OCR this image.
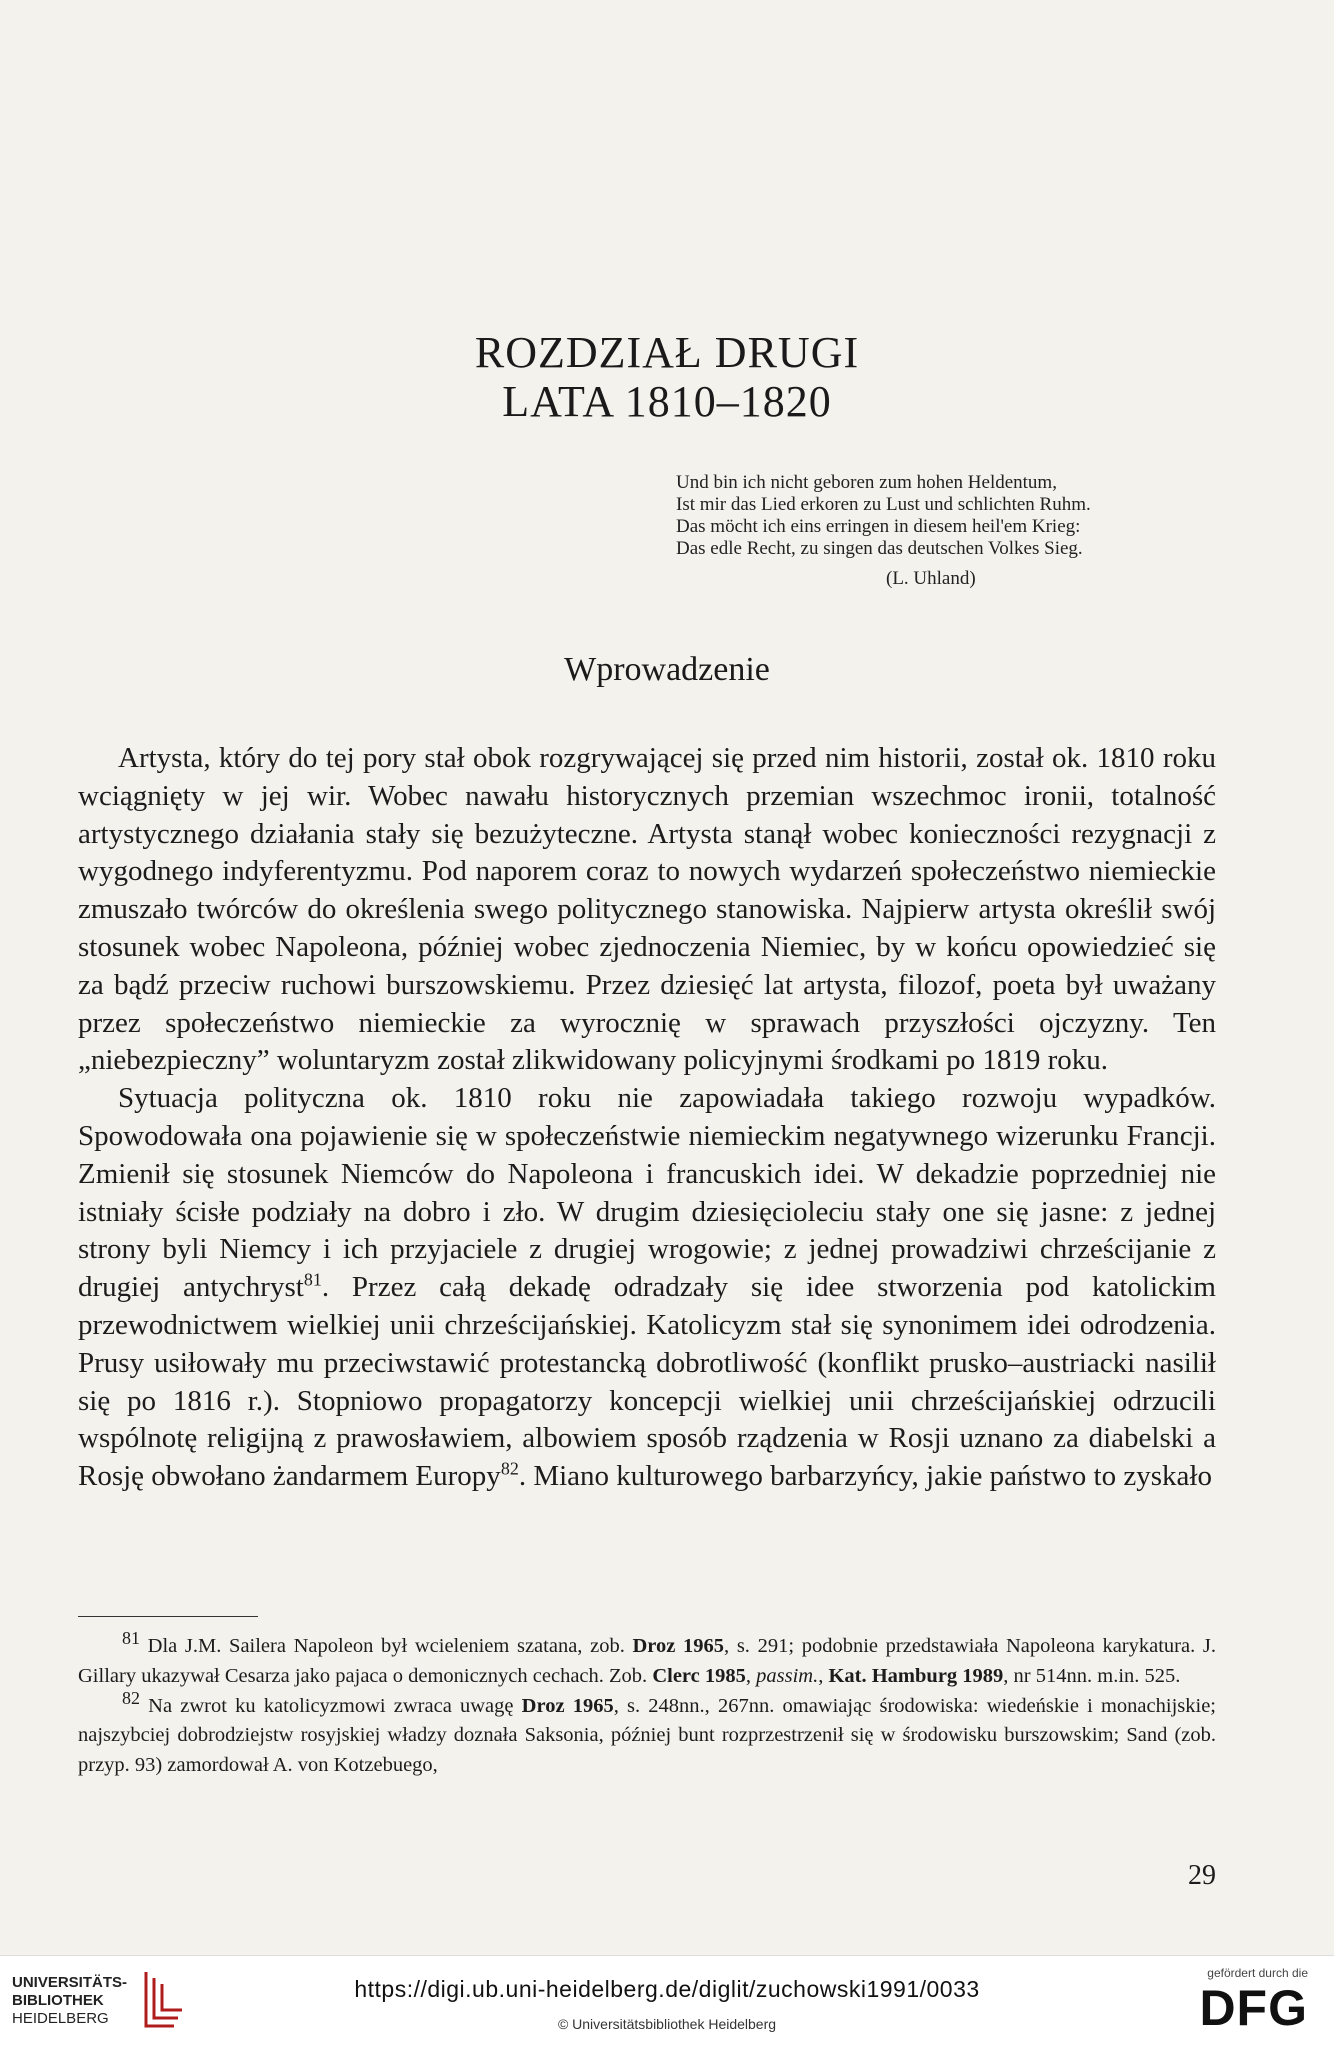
ROZDZIAŁ DRUGI
LATA 1810–1820
Und bin ich nicht geboren zum hohen Heldentum,
Ist mir das Lied erkoren zu Lust und schlichten Ruhm.
Das möcht ich eins erringen in diesem heil'em Krieg:
Das edle Recht, zu singen das deutschen Volkes Sieg.
(L. Uhland)
Wprowadzenie

Artysta, który do tej pory stał obok rozgrywającej się przed nim historii, został ok. 1810 roku wciągnięty w jej wir. Wobec nawału historycznych przemian wszechmoc ironii, totalność artystycznego działania stały się bezużyteczne. Artysta stanął wobec konieczności rezygnacji z wygodnego indyferentyzmu. Pod naporem coraz to nowych wydarzeń społeczeństwo niemieckie zmuszało twórców do określenia swego politycznego stanowiska. Najpierw artysta określił swój stosunek wobec Napoleona, później wobec zjednoczenia Niemiec, by w końcu opowiedzieć się za bądź przeciw ruchowi burszowskiemu. Przez dziesięć lat artysta, filozof, poeta był uważany przez społeczeństwo niemieckie za wyrocznię w sprawach przyszłości ojczyzny. Ten „niebezpieczny” woluntaryzm został zlikwidowany policyjnymi środkami po 1819 roku.

Sytuacja polityczna ok. 1810 roku nie zapowiadała takiego rozwoju wypadków. Spowodowała ona pojawienie się w społeczeństwie niemieckim negatywnego wizerunku Francji. Zmienił się stosunek Niemców do Napoleona i francuskich idei. W dekadzie poprzedniej nie istniały ścisłe podziały na dobro i zło. W drugim dziesięcioleciu stały one się jasne: z jednej strony byli Niemcy i ich przyjaciele z drugiej wrogowie; z jednej prowadziwi chrześcijanie z drugiej antychryst$^{81}$. Przez całą dekadę odradzały się idee stworzenia pod katolickim przewodnictwem wielkiej unii chrześcijańskiej. Katolicyzm stał się synonimem idei odrodzenia. Prusy usiłowały mu przeciwstawić protestancką dobrotliwość (konflikt prusko–austriacki nasilił się po 1816 r.). Stopniowo propagatorzy koncepcji wielkiej unii chrześcijańskiej odrzucili wspólnotę religijną z prawosławiem, albowiem sposób rządzenia w Rosji uznano za diabelski a Rosję obwołano żandarmem Europy$^{82}$. Miano kulturowego barbarzyńcy, jakie państwo to zyskało

$^{81}$ Dla J.M. Sailera Napoleon był wcieleniem szatana, zob. Droz 1965, s. 291; podobnie przedstawiała Napoleona karykatura. J. Gillary ukazywał Cesarza jako pajaca o demonicznych cechach. Zob. Clerc 1985, passim., Kat. Hamburg 1989, nr 514nn. m.in. 525.

$^{82}$ Na zwrot ku katolicyzmowi zwraca uwagę Droz 1965, s. 248nn., 267nn. omawiając środowiska: wiedeńskie i monachijskie; najszybciej dobrodziejstw rosyjskiej władzy doznała Saksonia, później bunt rozprzestrzenił się w środowisku burszowskim; Sand (zob. przyp. 93) zamordował A. von Kotzebuego,

29
UNIVERSITÄTS-
BIBLIOTHEK
HEIDELBERG
https://digi.ub.uni-heidelberg.de/diglit/zuchowski1991/0033
© Universitätsbibliothek Heidelberg
gefördert durch die
DFG
